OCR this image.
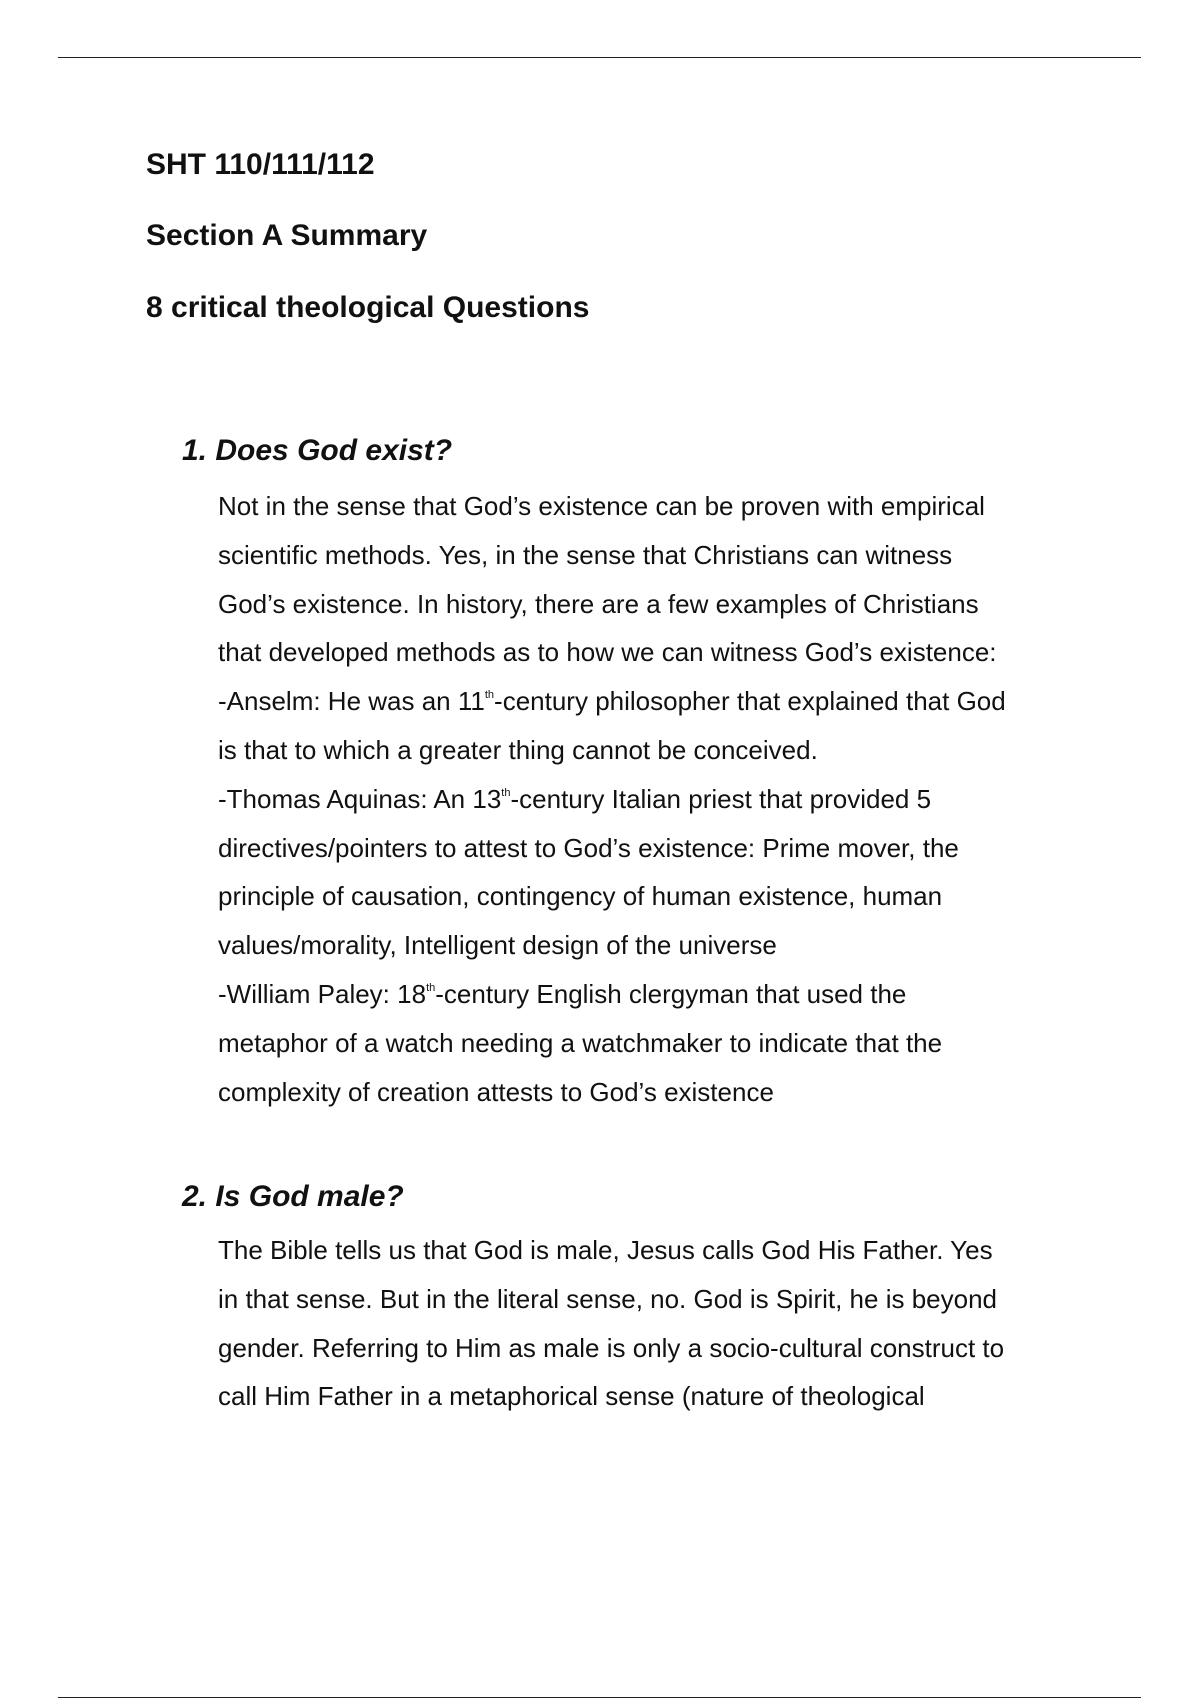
SHT 110/111/112
Section A Summary
8 critical theological Questions
1. Does God exist?
Not in the sense that God’s existence can be proven with empirical
scientific methods. Yes, in the sense that Christians can witness
God’s existence. In history, there are a few examples of Christians
that developed methods as to how we can witness God’s existence:
-Anselm: He was an 11th-century philosopher that explained that God
is that to which a greater thing cannot be conceived.
-Thomas Aquinas: An 13th-century Italian priest that provided 5
directives/pointers to attest to God’s existence: Prime mover, the
principle of causation, contingency of human existence, human
values/morality, Intelligent design of the universe
-William Paley: 18th-century English clergyman that used the
metaphor of a watch needing a watchmaker to indicate that the
complexity of creation attests to God’s existence
2. Is God male?
The Bible tells us that God is male, Jesus calls God His Father. Yes
in that sense. But in the literal sense, no. God is Spirit, he is beyond
gender. Referring to Him as male is only a socio-cultural construct to
call Him Father in a metaphorical sense (nature of theological
